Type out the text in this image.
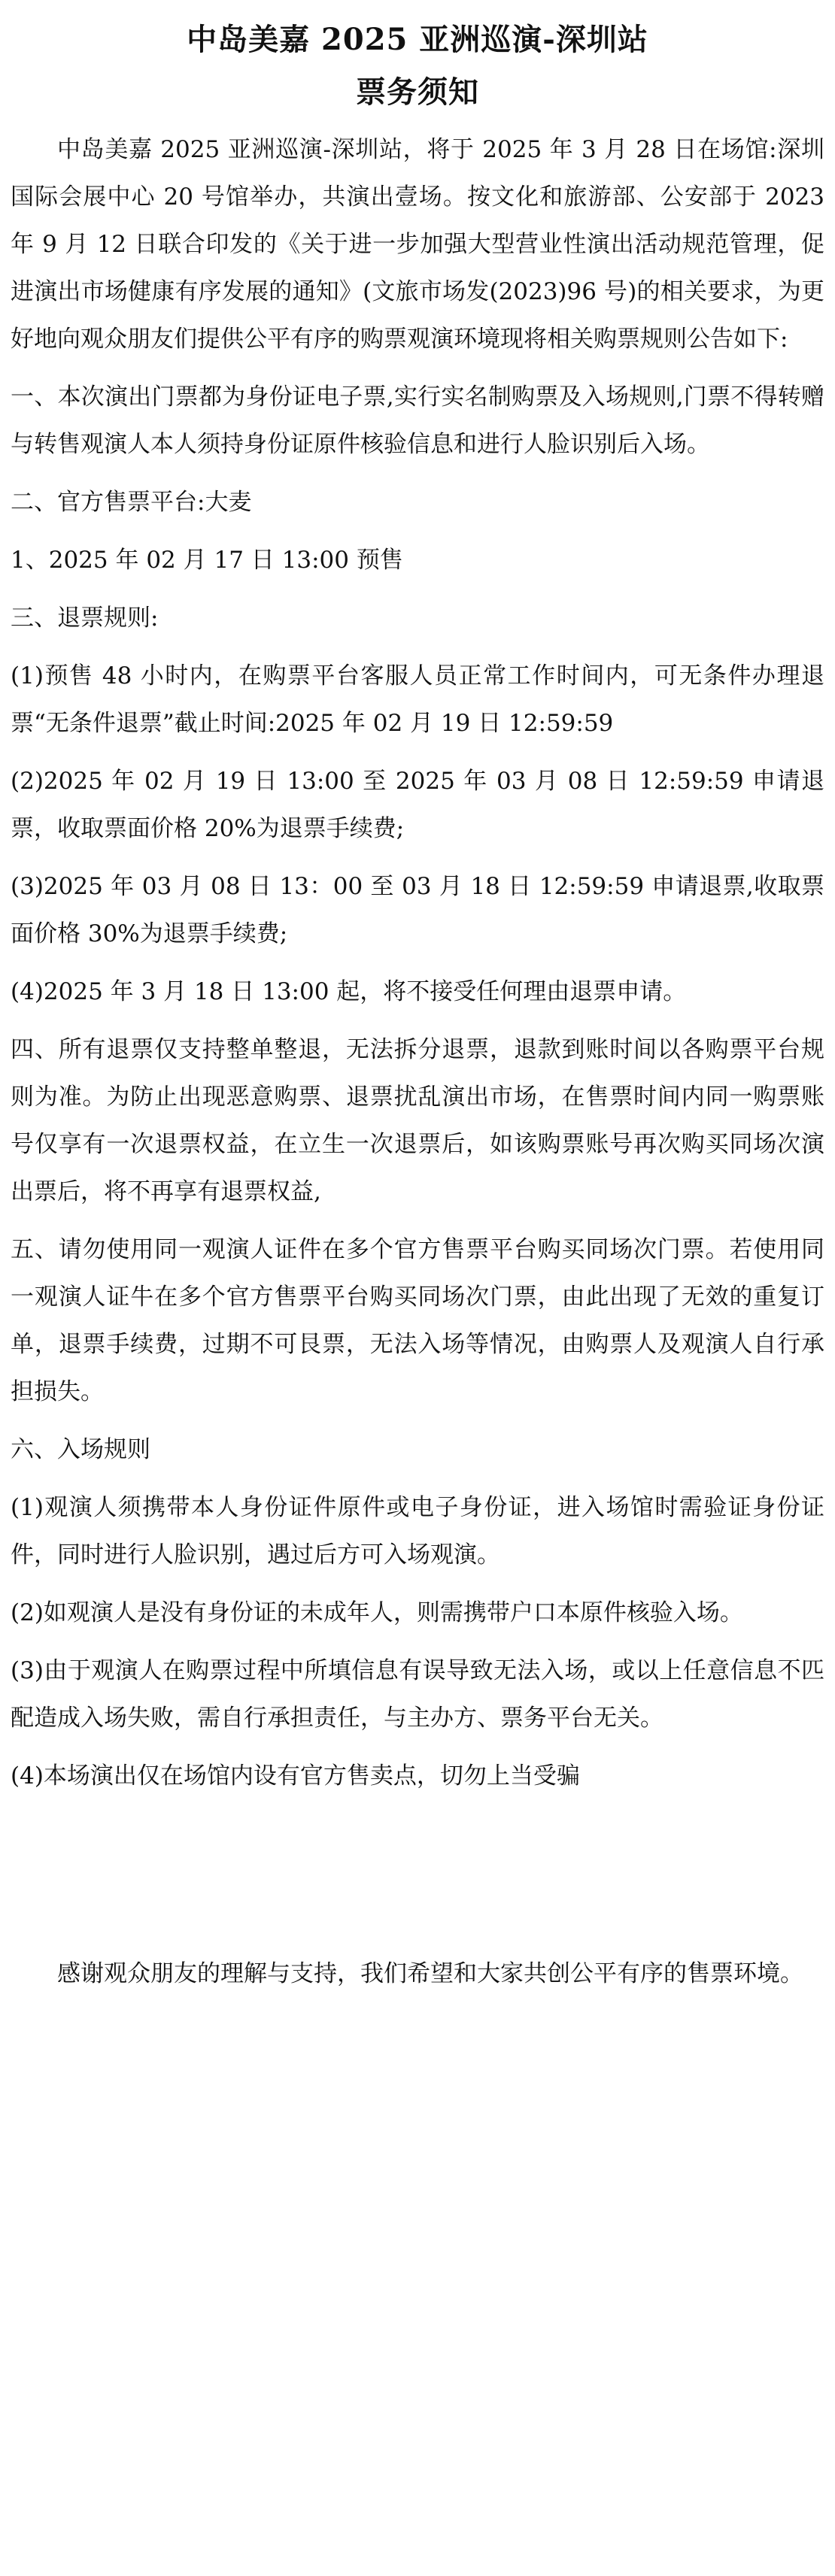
中岛美嘉 2025 亚洲巡演-深圳站
票务须知

中岛美嘉 2025 亚洲巡演-深圳站，将于 2025 年 3 月 28 日在场馆:深圳国际会展中心 20 号馆举办，共演出壹场。按文化和旅游部、公安部于 2023 年 9 月 12 日联合印发的《关于进一步加强大型营业性演出活动规范管理，促进演出市场健康有序发展的通知》(文旅市场发(2023)96 号)的相关要求，为更好地向观众朋友们提供公平有序的购票观演环境现将相关购票规则公告如下:

一、本次演出门票都为身份证电子票,实行实名制购票及入场规则,门票不得转赠与转售观演人本人须持身份证原件核验信息和进行人脸识别后入场。

二、官方售票平台:大麦

1、2025 年 02 月 17 日 13:00 预售

三、退票规则:

(1)预售 48 小时内，在购票平台客服人员正常工作时间内，可无条件办理退票“无条件退票”截止时间:2025 年 02 月 19 日 12:59:59

(2)2025 年 02 月 19 日 13:00 至 2025 年 03 月 08 日 12:59:59 申请退票，收取票面价格 20%为退票手续费;

(3)2025 年 03 月 08 日 13：00 至 03 月 18 日 12:59:59 申请退票,收取票面价格 30%为退票手续费;

(4)2025 年 3 月 18 日 13:00 起，将不接受任何理由退票申请。

四、所有退票仅支持整单整退，无法拆分退票，退款到账时间以各购票平台规则为准。为防止出现恶意购票、退票扰乱演出市场，在售票时间内同一购票账号仅享有一次退票权益，在立生一次退票后，如该购票账号再次购买同场次演出票后，将不再享有退票权益,

五、请勿使用同一观演人证件在多个官方售票平台购买同场次门票。若使用同一观演人证牛在多个官方售票平台购买同场次门票，由此出现了无效的重复订单，退票手续费，过期不可艮票，无法入场等情况，由购票人及观演人自行承担损失。

六、入场规则

(1)观演人须携带本人身份证件原件或电子身份证，进入场馆时需验证身份证件，同时进行人脸识别，遇过后方可入场观演。

(2)如观演人是没有身份证的未成年人，则需携带户口本原件核验入场。

(3)由于观演人在购票过程中所填信息有误导致无法入场，或以上任意信息不匹配造成入场失败，需自行承担责任，与主办方、票务平台无关。

(4)本场演出仅在场馆内设有官方售卖点，切勿上当受骗

感谢观众朋友的理解与支持，我们希望和大家共创公平有序的售票环境。
